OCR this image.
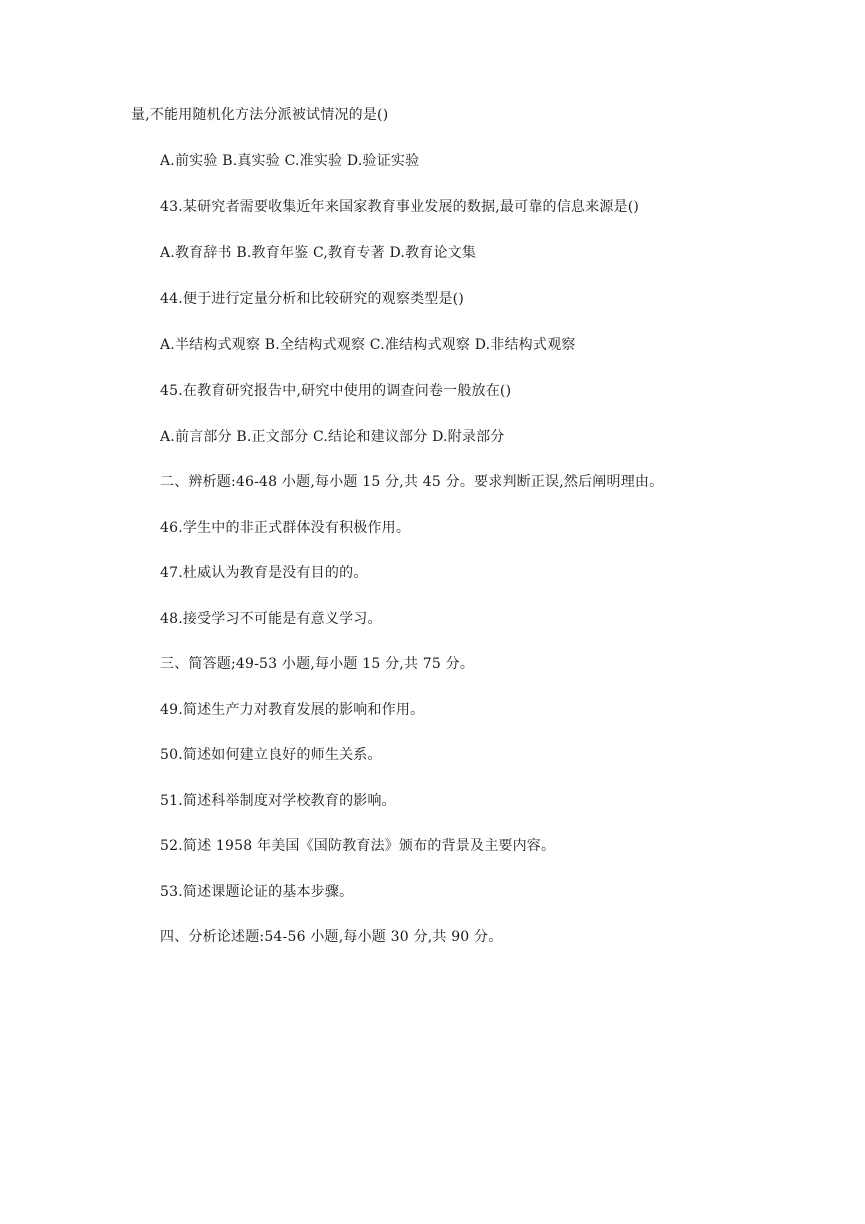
量,不能用随机化方法分派被试情况的是()
A.前实验 B.真实验 C.准实验 D.验证实验
43.某研究者需要收集近年来国家教育事业发展的数据,最可靠的信息来源是()
A.教育辞书 B.教育年鉴 C,教育专著 D.教育论文集
44.便于进行定量分析和比较研究的观察类型是()
A.半结构式观察 B.全结构式观察 C.准结构式观察 D.非结构式观察
45.在教育研究报告中,研究中使用的调查问卷一般放在()
A.前言部分 B.正文部分 C.结论和建议部分 D.附录部分
二、辨析题:46-48 小题,每小题 15 分,共 45 分。要求判断正误,然后阐明理由。
46.学生中的非正式群体没有积极作用。
47.杜威认为教育是没有目的的。
48.接受学习不可能是有意义学习。
三、简答题;49-53 小题,每小题 15 分,共 75 分。
49.简述生产力对教育发展的影响和作用。
50.简述如何建立良好的师生关系。
51.简述科举制度对学校教育的影响。
52.简述 1958 年美国《国防教育法》颁布的背景及主要内容。
53.简述课题论证的基本步骤。
四、分析论述题:54-56 小题,每小题 30 分,共 90 分。
